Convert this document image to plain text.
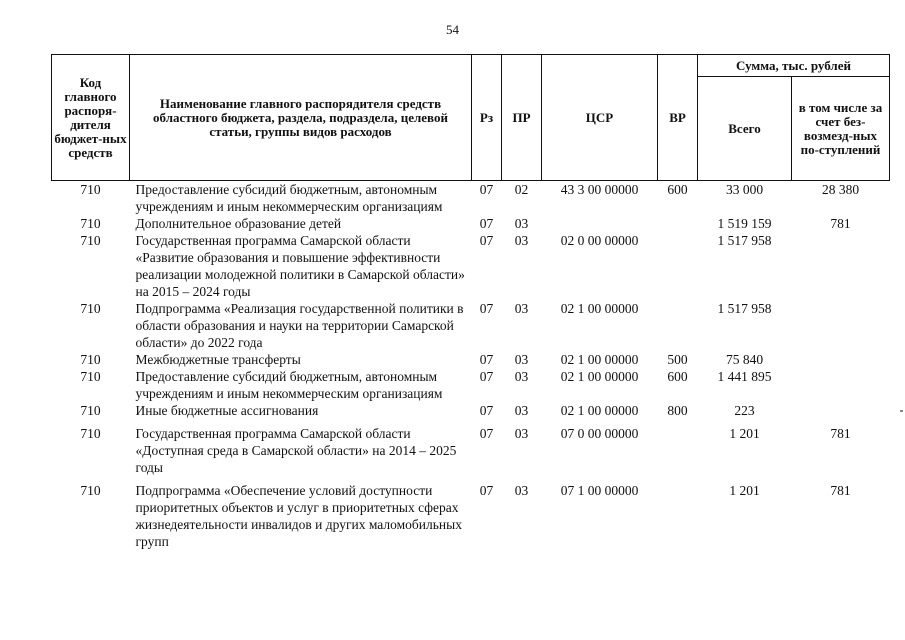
54
Код главного распоря-дителя бюджет-ных средств	Наименование главного распорядителя средств областного бюджета, раздела, подраздела, целевой статьи, группы видов расходов	Рз	ПР	ЦСР	ВР	Сумма, тыс. рублей	
						Всего	в том числе за счет без-возмезд-ных по-ступлений
710	Предоставление субсидий бюджетным, автономным учреждениям и иным некоммерческим организациям	07	02	43 3 00 00000	600	33 000	28 380
710	Дополнительное образование детей	07	03			1 519 159	781
710	Государственная программа Самарской области «Развитие образования и повышение эффективности реализации молодежной политики в Самарской области» на 2015 – 2024 годы	07	03	02 0 00 00000		1 517 958	
710	Подпрограмма «Реализация государственной политики в области образования и науки на территории Самарской области» до 2022 года	07	03	02 1 00 00000		1 517 958	
710	Межбюджетные трансферты	07	03	02 1 00 00000	500	75 840	
710	Предоставление субсидий бюджетным, автономным учреждениям и иным некоммерческим организациям	07	03	02 1 00 00000	600	1 441 895	
710	Иные бюджетные ассигнования	07	03	02 1 00 00000	800	223	
710	Государственная программа Самарской области «Доступная среда в Самарской области» на 2014 – 2025 годы	07	03	07 0 00 00000		1 201	781
710	Подпрограмма «Обеспечение условий доступности приоритетных объектов и услуг в приоритетных сферах жизнедеятельности инвалидов и других маломобильных групп	07	03	07 1 00 00000		1 201	781
